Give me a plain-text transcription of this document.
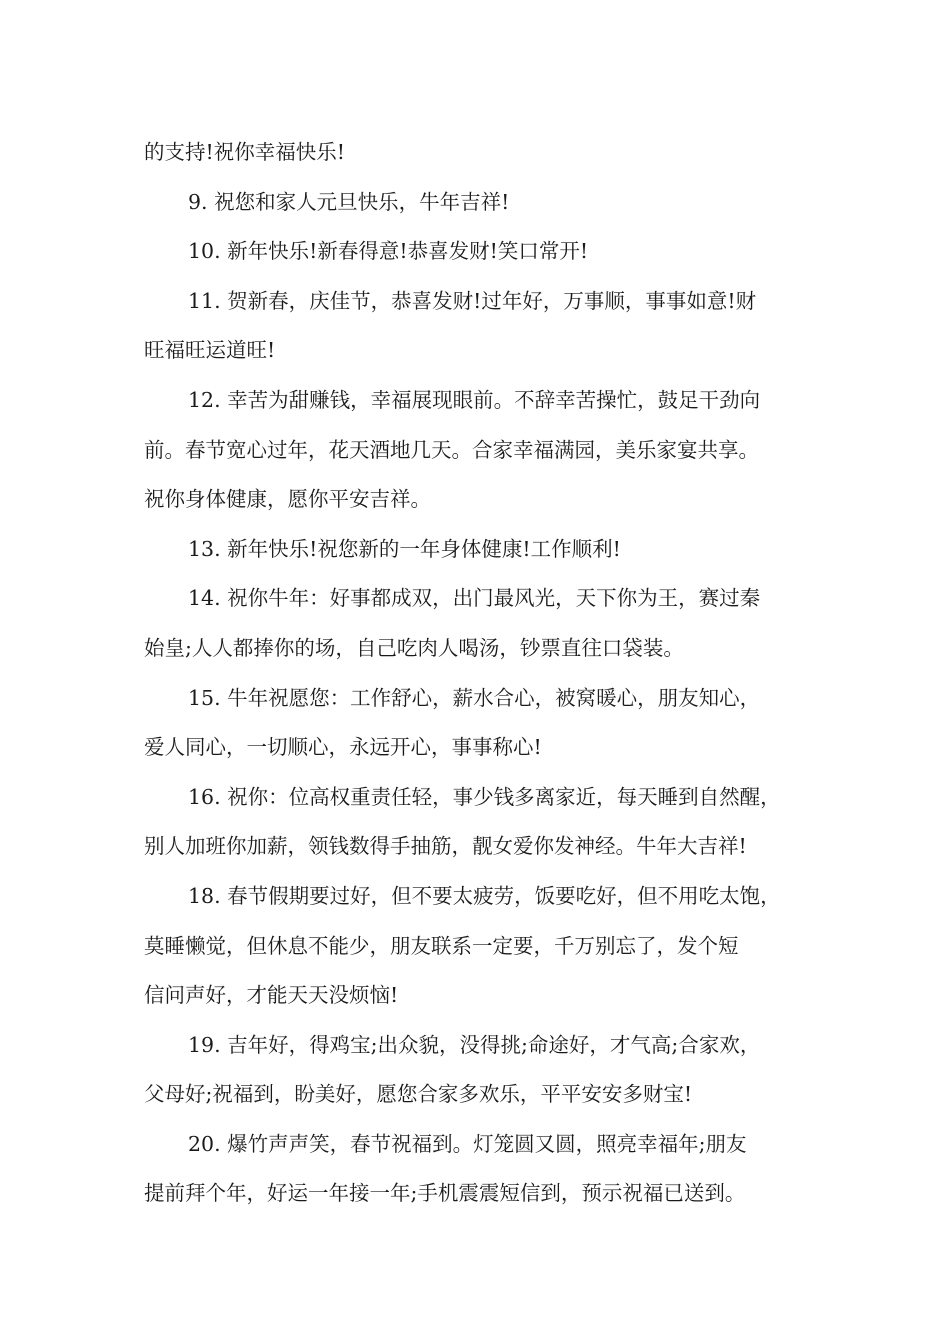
的支持!祝你幸福快乐!

9. 祝您和家人元旦快乐，牛年吉祥!

10. 新年快乐!新春得意!恭喜发财!笑口常开!

11. 贺新春，庆佳节，恭喜发财!过年好，万事顺，事事如意!财

旺福旺运道旺!

12. 幸苦为甜赚钱，幸福展现眼前。不辞幸苦操忙，鼓足干劲向

前。春节宽心过年，花天酒地几天。合家幸福满园，美乐家宴共享。

祝你身体健康，愿你平安吉祥。

13. 新年快乐!祝您新的一年身体健康!工作顺利!

14. 祝你牛年：好事都成双，出门最风光，天下你为王，赛过秦

始皇;人人都捧你的场，自己吃肉人喝汤，钞票直往口袋装。

15. 牛年祝愿您：工作舒心，薪水合心，被窝暖心，朋友知心，

爱人同心，一切顺心，永远开心，事事称心!

16. 祝你：位高权重责任轻，事少钱多离家近，每天睡到自然醒，

别人加班你加薪，领钱数得手抽筋，靓女爱你发神经。牛年大吉祥!

18. 春节假期要过好，但不要太疲劳，饭要吃好，但不用吃太饱，

莫睡懒觉，但休息不能少，朋友联系一定要，千万别忘了，发个短

信问声好，才能天天没烦恼!

19. 吉年好，得鸡宝;出众貌，没得挑;命途好，才气高;合家欢，

父母好;祝福到，盼美好，愿您合家多欢乐，平平安安多财宝!

20. 爆竹声声笑，春节祝福到。灯笼圆又圆，照亮幸福年;朋友

提前拜个年，好运一年接一年;手机震震短信到，预示祝福已送到。
